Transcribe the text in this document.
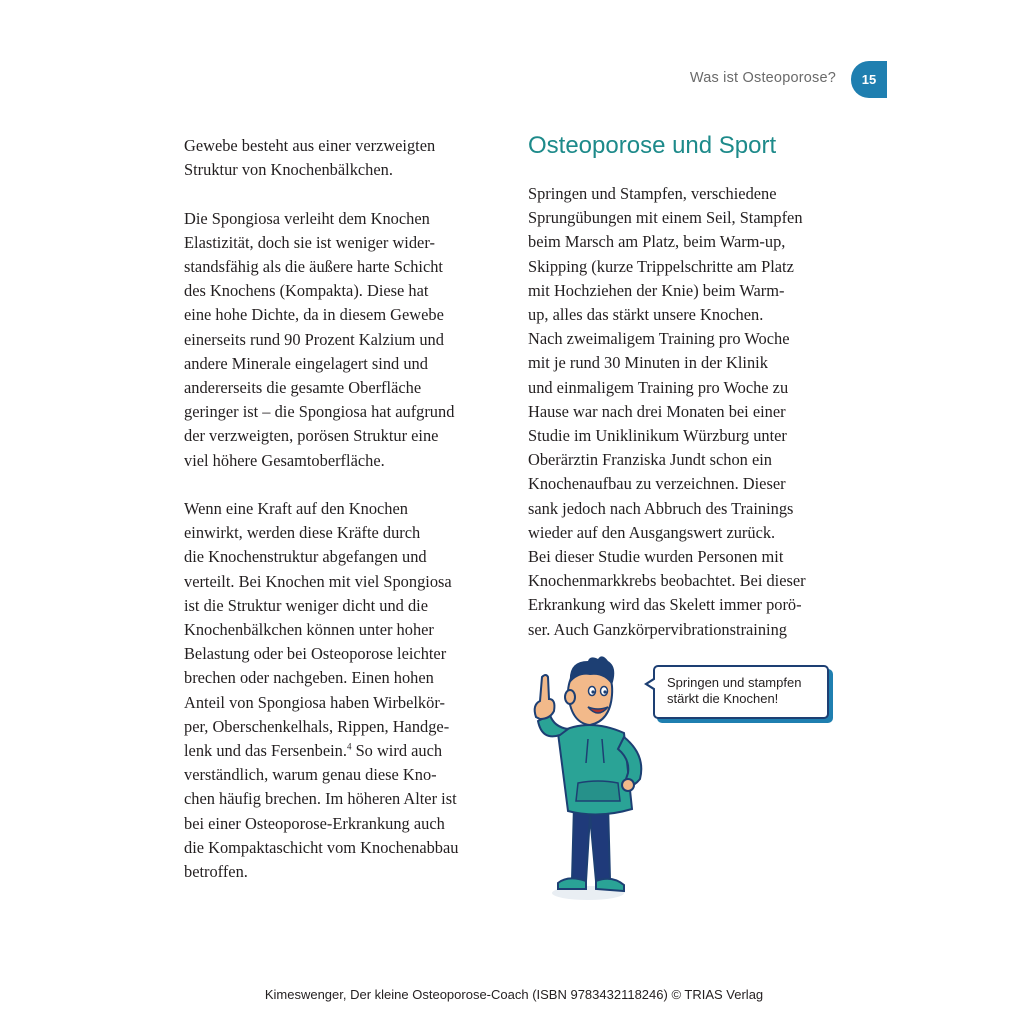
Was ist Osteoporose? 15

Gewebe besteht aus einer verzweigten
Struktur von Knochenbälkchen.

Die Spongiosa verleiht dem Knochen
Elastizität, doch sie ist weniger wider-
standsfähig als die äußere harte Schicht
des Knochens (Kompakta). Diese hat
eine hohe Dichte, da in diesem Gewebe
einerseits rund 90 Prozent Kalzium und
andere Minerale eingelagert sind und
andererseits die gesamte Oberfläche
geringer ist – die Spongiosa hat aufgrund
der verzweigten, porösen Struktur eine
viel höhere Gesamtoberfläche.

Wenn eine Kraft auf den Knochen
einwirkt, werden diese Kräfte durch
die Knochenstruktur abgefangen und
verteilt. Bei Knochen mit viel Spongiosa
ist die Struktur weniger dicht und die
Knochenbälkchen können unter hoher
Belastung oder bei Osteoporose leichter
brechen oder nachgeben. Einen hohen
Anteil von Spongiosa haben Wirbelkör-
per, Oberschenkelhals, Rippen, Handge-
lenk und das Fersenbein.$^4$ So wird auch
verständlich, warum genau diese Kno-
chen häufig brechen. Im höheren Alter ist
bei einer Osteoporose-Erkrankung auch
die Kompaktaschicht vom Knochenabbau
betroffen.

Osteoporose und Sport

Springen und Stampfen, verschiedene
Sprungübungen mit einem Seil, Stampfen
beim Marsch am Platz, beim Warm-up,
Skipping (kurze Trippelschritte am Platz
mit Hochziehen der Knie) beim Warm-
up, alles das stärkt unsere Knochen.
Nach zweimaligem Training pro Woche
mit je rund 30 Minuten in der Klinik
und einmaligem Training pro Woche zu
Hause war nach drei Monaten bei einer
Studie im Uniklinikum Würzburg unter
Oberärztin Franziska Jundt schon ein
Knochenaufbau zu verzeichnen. Dieser
sank jedoch nach Abbruch des Trainings
wieder auf den Ausgangswert zurück.
Bei dieser Studie wurden Personen mit
Knochenmarkkrebs beobachtet. Bei dieser
Erkrankung wird das Skelett immer porö-
ser. Auch Ganzkörpervibrationstraining

Springen und stampfen
stärkt die Knochen!
Kimeswenger, Der kleine Osteoporose-Coach (ISBN 9783432118246) © TRIAS Verlag
